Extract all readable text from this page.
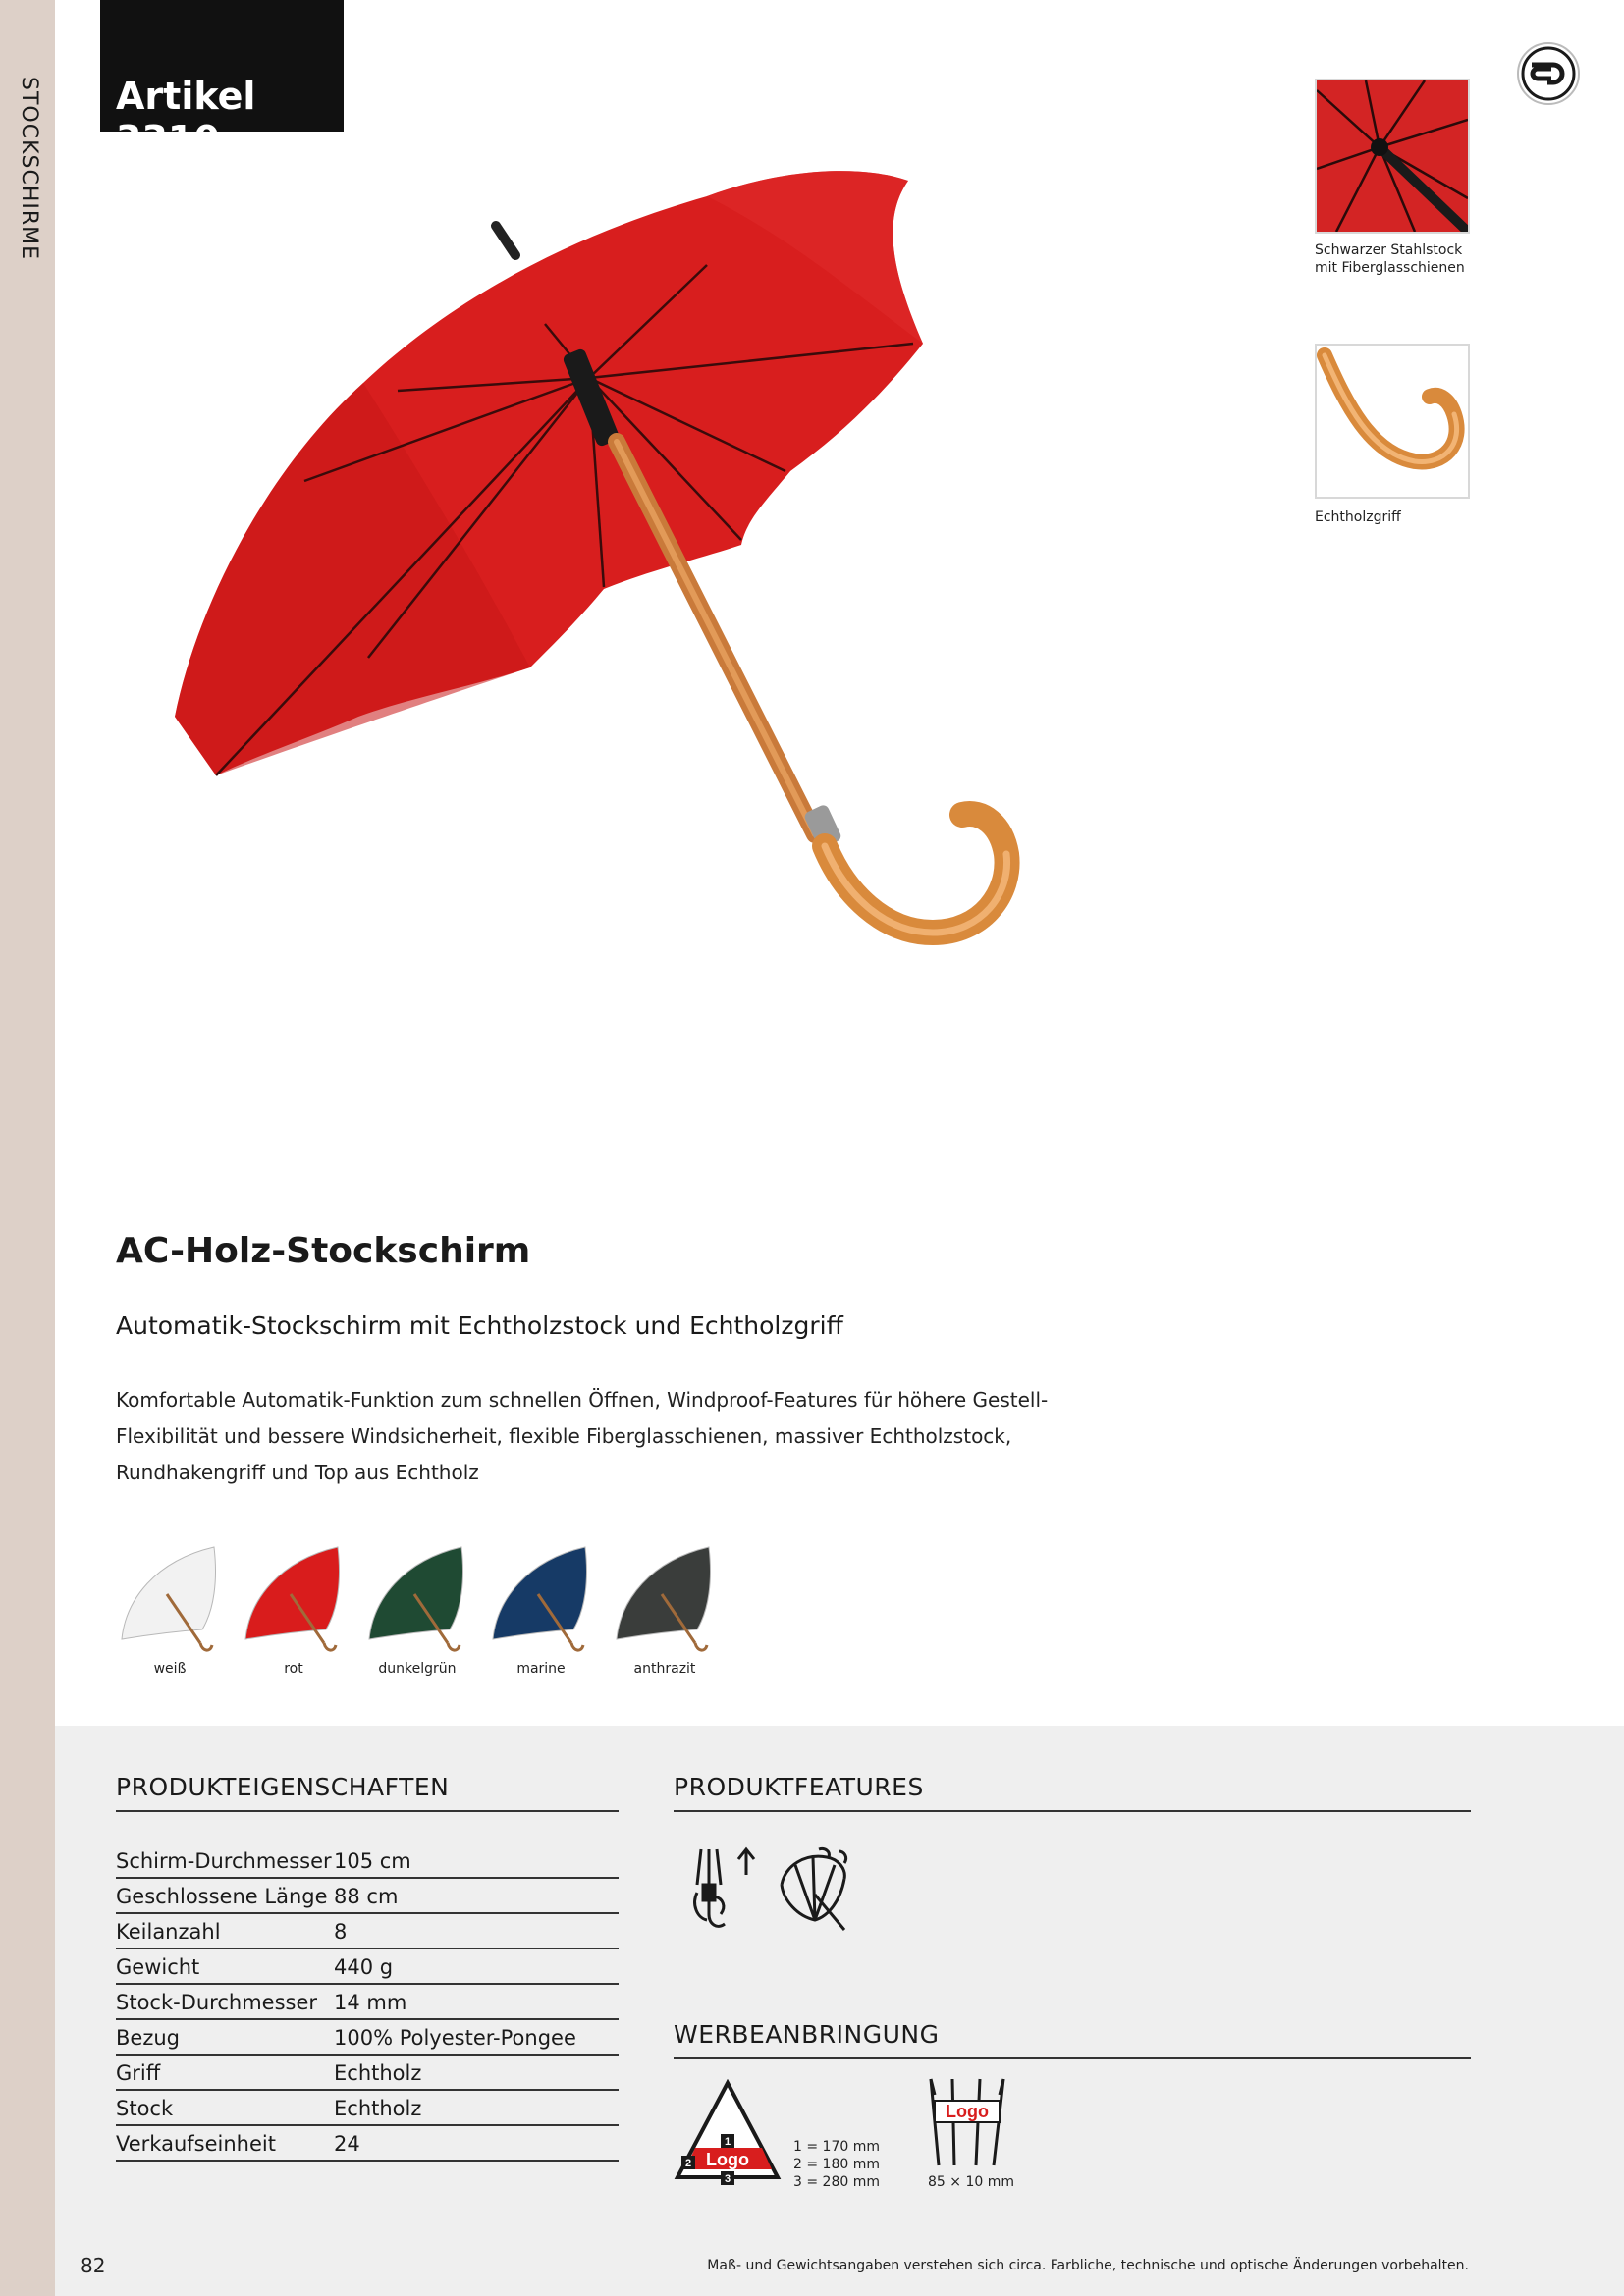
STOCKSCHIRME Artikel 3310
Schwarzer Stahlstock
mit Fiberglasschienen
Echtholzgriff
AC-Holz-Stockschirm
Automatik-Stockschirm mit Echtholzstock und Echtholzgriff
Komfortable Automatik-Funktion zum schnellen Öffnen, Windproof-Features für höhere Gestell-Flexibilität und bessere Windsicherheit, flexible Fiberglasschienen, massiver Echtholzstock, Rundhakengriff und Top aus Echtholz
weiß	rot	dunkelgrün	marine	anthrazit
PRODUKTEIGENSCHAFTEN
Schirm-Durchmesser 105 cm
Geschlossene Länge 88 cm
Keilanzahl	8
Gewicht	440 g
Stock-Durchmesser 14 mm
Bezug	100% Polyester-Pongee
Griff	Echtholz
Stock	Echtholz
Verkaufseinheit	24
PRODUKTFEATURES
WERBEANBRINGUNG
Logo
1
2
3
1 = 170 mm
2 = 180 mm
3 = 280 mm
Logo
85 × 10 mm
82	Maß- und Gewichtsangaben verstehen sich circa. Farbliche, technische und optische Änderungen vorbehalten.
